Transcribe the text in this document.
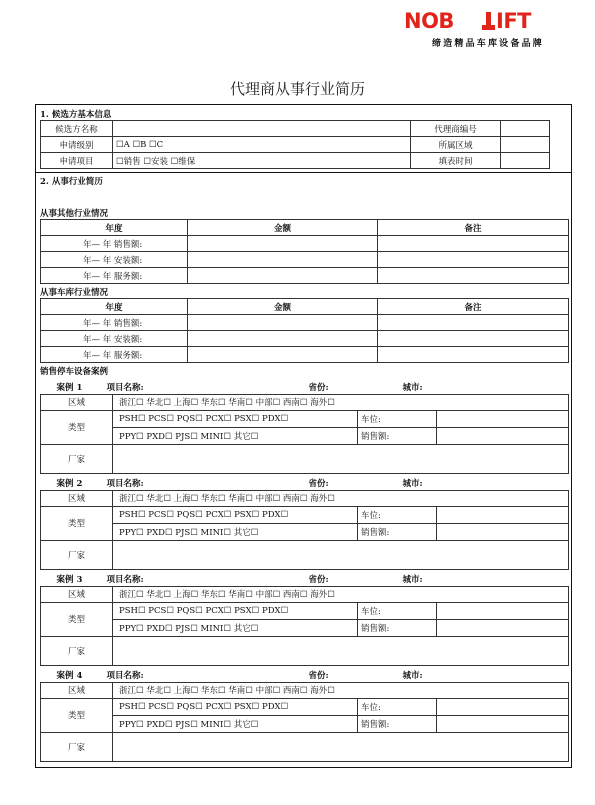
NOB IFT
缔造精品车库设备品牌
代理商从事行业简历
1. 候选方基本信息
候选方名称		代理商编号	
申请级别	☐A ☐B ☐C	所属区域	
申请项目	☐销售 ☐安装 ☐维保	填表时间	
2. 从事行业简历
从事其他行业情况
年度	金额	备注
年— 年 销售额:		
年— 年 安装额:		
年— 年 服务额:		
从事车库行业情况
年度	金额	备注
年— 年 销售额:		
年— 年 安装额:		
年— 年 服务额:		
销售停车设备案例
案例 1 项目名称: 省份: 城市:			

区域	浙江☐ 华北☐ 上海☐ 华东☐ 华南☐ 中部☐ 西南☐ 海外☐		
类型	PSH☐ PCS☐ PQS☐ PCX☐ PSX☐ PDX☐	车位:	
	PPY☐ PXD☐ PJS☐ MINI☐ 其它☐	销售额:	
厂家			
案例 2 项目名称: 省份: 城市:			

区域	浙江☐ 华北☐ 上海☐ 华东☐ 华南☐ 中部☐ 西南☐ 海外☐		
类型	PSH☐ PCS☐ PQS☐ PCX☐ PSX☐ PDX☐	车位:	
	PPY☐ PXD☐ PJS☐ MINI☐ 其它☐	销售额:	
厂家			
案例 3 项目名称: 省份: 城市:			

区域	浙江☐ 华北☐ 上海☐ 华东☐ 华南☐ 中部☐ 西南☐ 海外☐		
类型	PSH☐ PCS☐ PQS☐ PCX☐ PSX☐ PDX☐	车位:	
	PPY☐ PXD☐ PJS☐ MINI☐ 其它☐	销售额:	
厂家			
案例 4 项目名称: 省份: 城市:			

区域	浙江☐ 华北☐ 上海☐ 华东☐ 华南☐ 中部☐ 西南☐ 海外☐		
类型	PSH☐ PCS☐ PQS☐ PCX☐ PSX☐ PDX☐	车位:	
	PPY☐ PXD☐ PJS☐ MINI☐ 其它☐	销售额:	
厂家			
